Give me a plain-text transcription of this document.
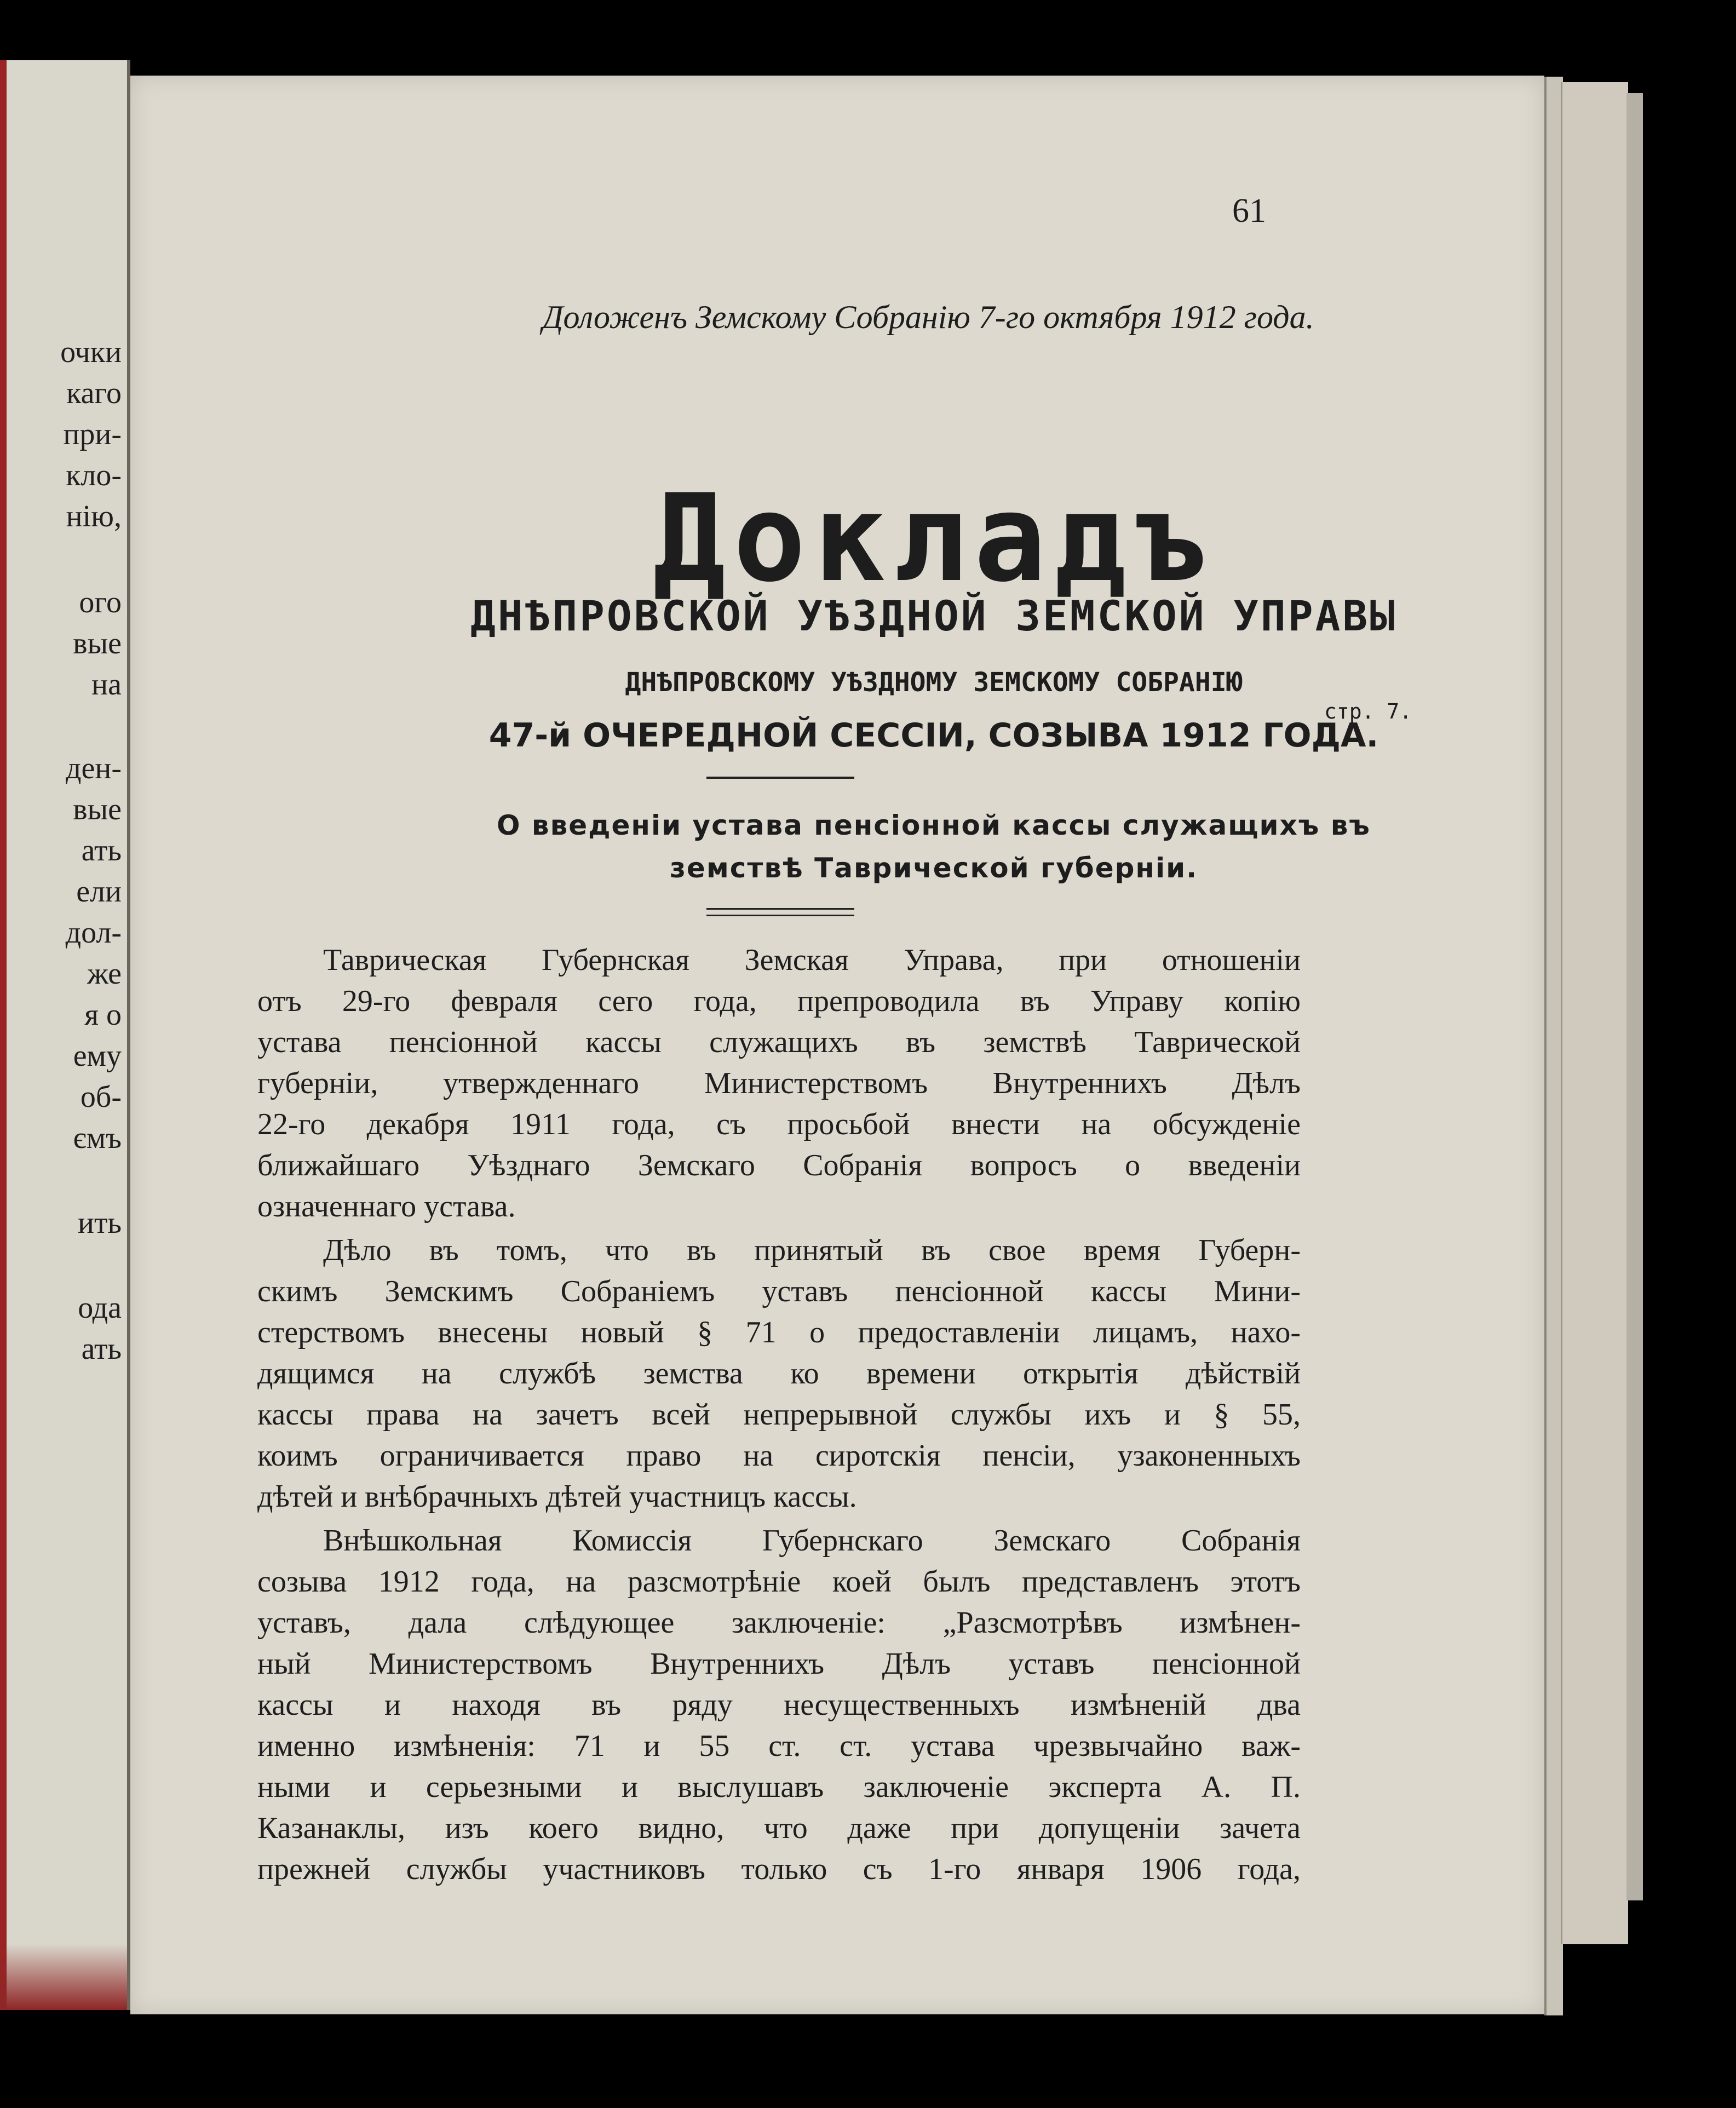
очки
каго
при-
кло-
нію,
ого
вые
на
ден-
вые
ать
ели
дол-
же
я о
ему
об-
ємъ
ить
ода
ать
61
Доложенъ Земскому Собранію 7-го октября 1912 года.
Докладъ
ДНѢПРОВСКОЙ УѢЗДНОЙ ЗЕМСКОЙ УПРАВЫ
ДНѢПРОВСКОМУ УѢЗДНОМУ ЗЕМСКОМУ СОБРАНІЮ
47-й ОЧЕРЕДНОЙ СЕССІИ, СОЗЫВА 1912 ГОДА.
стр. 7.
О введеніи устава пенсіонной кассы служащихъ въ
земствѣ Таврической губерніи.
Таврическая Губернская Земская Управа, при отношеніи
отъ 29-го февраля сего года, препроводила въ Управу копію
устава пенсіонной кассы служащихъ въ земствѣ Таврической
губерніи, утвержденнаго Министерствомъ Внутреннихъ Дѣлъ
22-го декабря 1911 года, съ просьбой внести на обсужденіе
ближайшаго Уѣзднаго Земскаго Собранія вопросъ о введеніи
означеннаго устава.
Дѣло въ томъ, что въ принятый въ свое время Губерн-
скимъ Земскимъ Собраніемъ уставъ пенсіонной кассы Мини-
стерствомъ внесены новый § 71 о предоставленіи лицамъ, нахо-
дящимся на службѣ земства ко времени открытія дѣйствій
кассы права на зачетъ всей непрерывной службы ихъ и § 55,
коимъ ограничивается право на сиротскія пенсіи, узаконенныхъ
дѣтей и внѣбрачныхъ дѣтей участницъ кассы.
Внѣшкольная Комиссія Губернскаго Земскаго Собранія
созыва 1912 года, на разсмотрѣніе коей былъ представленъ этотъ
уставъ, дала слѣдующее заключеніе: „Разсмотрѣвъ измѣнен-
ный Министерствомъ Внутреннихъ Дѣлъ уставъ пенсіонной
кассы и находя въ ряду несущественныхъ измѣненій два
именно измѣненія: 71 и 55 ст. ст. устава чрезвычайно важ-
ными и серьезными и выслушавъ заключеніе эксперта А. П.
Казанаклы, изъ коего видно, что даже при допущеніи зачета
прежней службы участниковъ только съ 1-го января 1906 года,
